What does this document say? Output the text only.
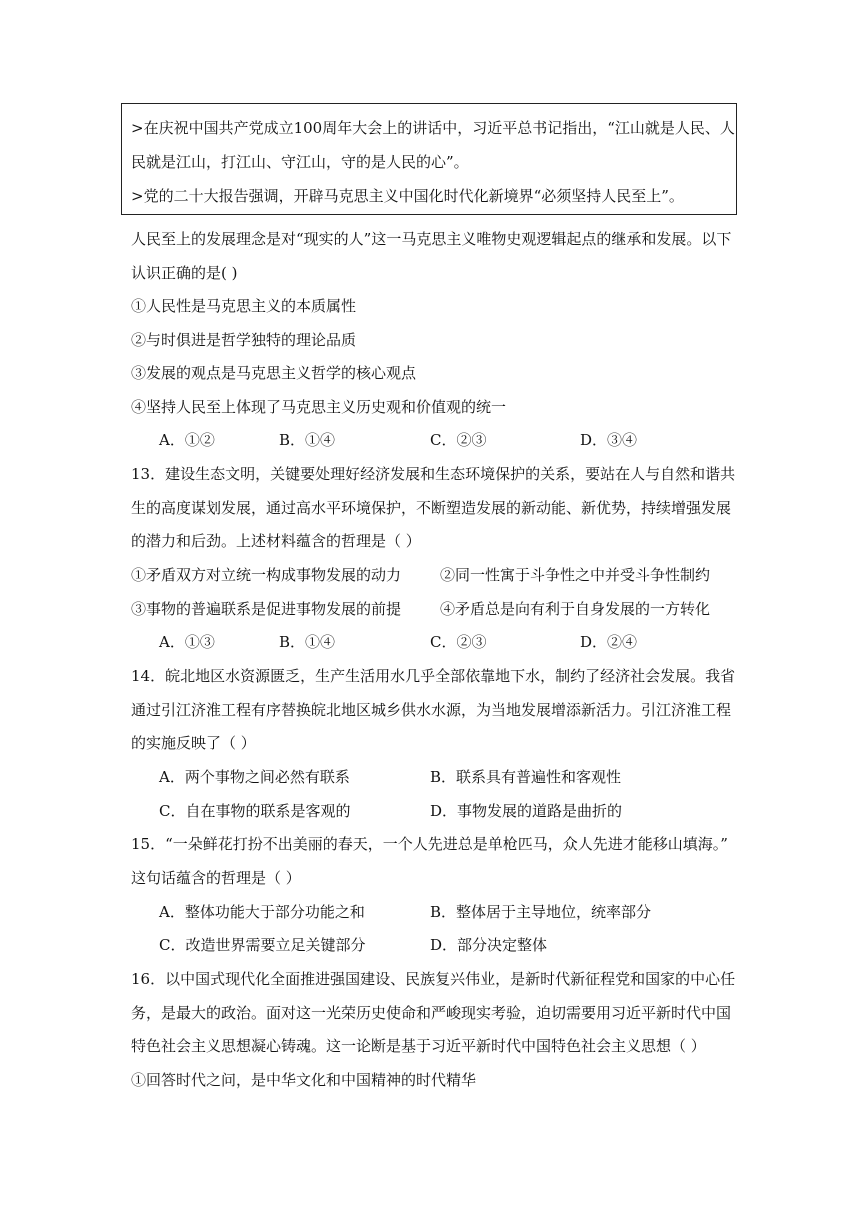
>在庆祝中国共产党成立100周年大会上的讲话中，习近平总书记指出，“江山就是人民、人
民就是江山，打江山、守江山，守的是人民的心”。
>党的二十大报告强调，开辟马克思主义中国化时代化新境界“必须坚持人民至上”。
人民至上的发展理念是对“现实的人”这一马克思主义唯物史观逻辑起点的继承和发展。以下
认识正确的是( )
①人民性是马克思主义的本质属性
②与时俱进是哲学独特的理论品质
③发展的观点是马克思主义哲学的核心观点
④坚持人民至上体现了马克思主义历史观和价值观的统一
A．①②	B．①④	C．②③	D．③④
13．建设生态文明，关键要处理好经济发展和生态环境保护的关系，要站在人与自然和谐共
生的高度谋划发展，通过高水平环境保护，不断塑造发展的新动能、新优势，持续增强发展
的潜力和后劲。上述材料蕴含的哲理是（ ）
①矛盾双方对立统一构成事物发展的动力	②同一性寓于斗争性之中并受斗争性制约
③事物的普遍联系是促进事物发展的前提	④矛盾总是向有利于自身发展的一方转化
A．①③	B．①④	C．②③	D．②④
14．皖北地区水资源匮乏，生产生活用水几乎全部依靠地下水，制约了经济社会发展。我省
通过引江济淮工程有序替换皖北地区城乡供水水源，为当地发展增添新活力。引江济淮工程
的实施反映了（ ）
A．两个事物之间必然有联系	B．联系具有普遍性和客观性
C．自在事物的联系是客观的	D．事物发展的道路是曲折的
15．“一朵鲜花打扮不出美丽的春天，一个人先进总是单枪匹马，众人先进才能移山填海。”
这句话蕴含的哲理是（ ）
A．整体功能大于部分功能之和	B．整体居于主导地位，统率部分
C．改造世界需要立足关键部分	D．部分决定整体
16．以中国式现代化全面推进强国建设、民族复兴伟业，是新时代新征程党和国家的中心任
务，是最大的政治。面对这一光荣历史使命和严峻现实考验，迫切需要用习近平新时代中国
特色社会主义思想凝心铸魂。这一论断是基于习近平新时代中国特色社会主义思想（ ）
①回答时代之问，是中华文化和中国精神的时代精华
